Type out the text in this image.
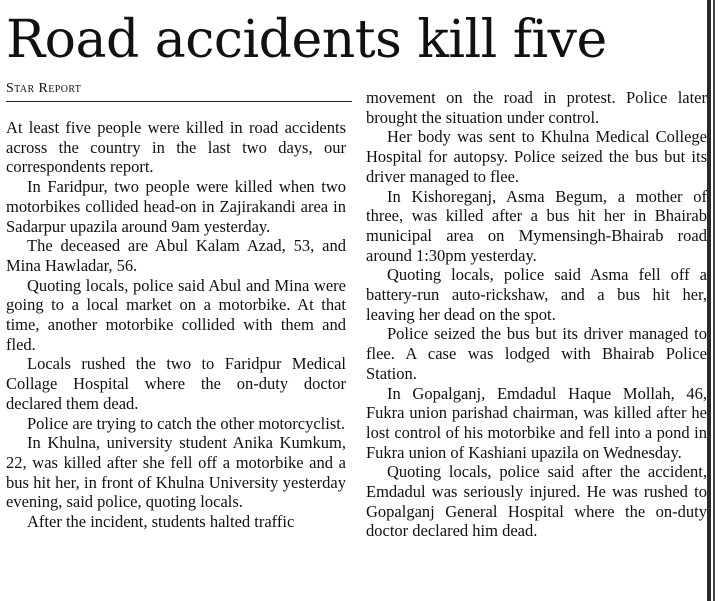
Road accidents kill five
Star Report

At least five people were killed in road accidents across the country in the last two days, our correspondents report.

In Faridpur, two people were killed when two motorbikes collided head-on in Zajirakandi area in Sadarpur upazila around 9am yesterday.

The deceased are Abul Kalam Azad, 53, and Mina Hawladar, 56.

Quoting locals, police said Abul and Mina were going to a local market on a motorbike. At that time, another motorbike collided with them and fled.

Locals rushed the two to Faridpur Medical Collage Hospital where the on-duty doctor declared them dead.

Police are trying to catch the other motorcyclist.

In Khulna, university student Anika Kumkum, 22, was killed after she fell off a motorbike and a bus hit her, in front of Khulna University yesterday evening, said police, quoting locals.

After the incident, students halted traffic

movement on the road in protest. Police later brought the situation under control.

Her body was sent to Khulna Medical College Hospital for autopsy. Police seized the bus but its driver managed to flee.

In Kishoreganj, Asma Begum, a mother of three, was killed after a bus hit her in Bhairab municipal area on Mymensingh-Bhairab road around 1:30pm yesterday.

Quoting locals, police said Asma fell off a battery-run auto-rickshaw, and a bus hit her, leaving her dead on the spot.

Police seized the bus but its driver managed to flee. A case was lodged with Bhairab Police Station.

In Gopalganj, Emdadul Haque Mollah, 46, Fukra union parishad chairman, was killed after he lost control of his motorbike and fell into a pond in Fukra union of Kashiani upazila on Wednesday.

Quoting locals, police said after the accident, Emdadul was seriously injured. He was rushed to Gopalganj General Hospital where the on-duty doctor declared him dead.
